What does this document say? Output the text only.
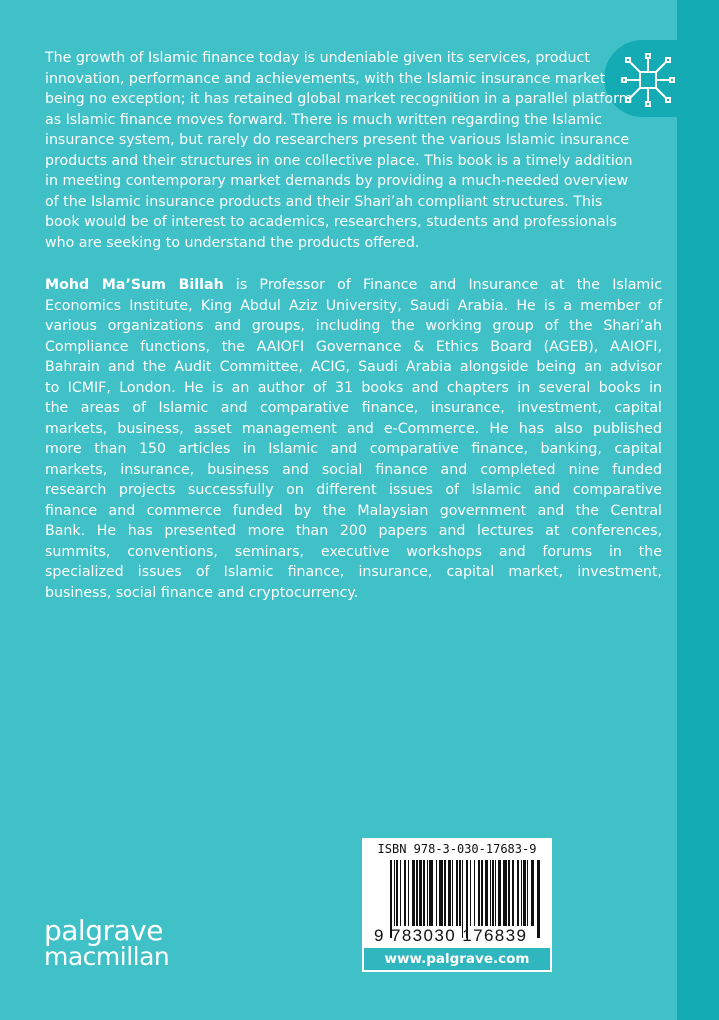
The growth of Islamic finance today is undeniable given its services, product
innovation, performance and achievements, with the Islamic insurance market
being no exception; it has retained global market recognition in a parallel platform
as Islamic finance moves forward. There is much written regarding the Islamic
insurance system, but rarely do researchers present the various Islamic insurance
products and their structures in one collective place. This book is a timely addition
in meeting contemporary market demands by providing a much-needed overview
of the Islamic insurance products and their Shari’ah compliant structures. This
book would be of interest to academics, researchers, students and professionals
who are seeking to understand the products offered.
Mohd Ma’Sum Billah is Professor of Finance and Insurance at the Islamic
Economics Institute, King Abdul Aziz University, Saudi Arabia. He is a member of
various organizations and groups, including the working group of the Shari’ah
Compliance functions, the AAIOFI Governance & Ethics Board (AGEB), AAIOFI,
Bahrain and the Audit Committee, ACIG, Saudi Arabia alongside being an advisor
to ICMIF, London. He is an author of 31 books and chapters in several books in
the areas of Islamic and comparative finance, insurance, investment, capital
markets, business, asset management and e-Commerce. He has also published
more than 150 articles in Islamic and comparative finance, banking, capital
markets, insurance, business and social finance and completed nine funded
research projects successfully on different issues of Islamic and comparative
finance and commerce funded by the Malaysian government and the Central
Bank. He has presented more than 200 papers and lectures at conferences,
summits, conventions, seminars, executive workshops and forums in the
specialized issues of Islamic finance, insurance, capital market, investment,
business, social finance and cryptocurrency.
palgrave
macmillan
ISBN 978-3-030-17683-9
9 783030 176839
www.palgrave.com
